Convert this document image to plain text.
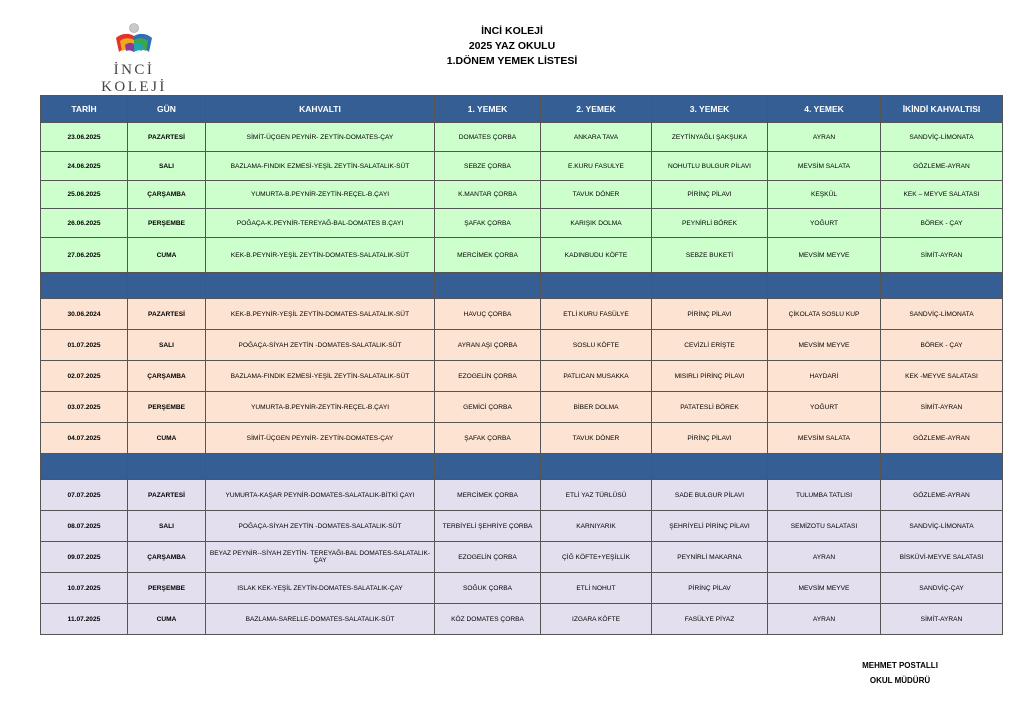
İNCİ KOLEJİ
İNCİ KOLEJİ
2025 YAZ OKULU
1.DÖNEM YEMEK LİSTESİ
TARİH	GÜN	KAHVALTI	1. YEMEK	2. YEMEK	3. YEMEK	4. YEMEK	İKİNDİ KAHVALTISI
23.06.2025	PAZARTESİ	SİMİT-ÜÇGEN PEYNİR- ZEYTİN-DOMATES-ÇAY	DOMATES ÇORBA	ANKARA TAVA	ZEYTİNYAĞLI ŞAKŞUKA	AYRAN	SANDVİÇ-LİMONATA
24.06.2025	SALI	BAZLAMA-FINDIK EZMESİ-YEŞİL ZEYTİN-SALATALIK-SÜT	SEBZE ÇORBA	E.KURU FASULYE	NOHUTLU BULGUR PİLAVI	MEVSİM SALATA	GÖZLEME-AYRAN
25.06.2025	ÇARŞAMBA	YUMURTA-B.PEYNİR-ZEYTİN-REÇEL-B.ÇAYI	K.MANTAR ÇORBA	TAVUK DÖNER	PİRİNÇ PİLAVI	KEŞKÜL	KEK – MEYVE SALATASI
26.06.2025	PERŞEMBE	POĞAÇA-K.PEYNİR-TEREYAĞ-BAL-DOMATES B.ÇAYI	ŞAFAK ÇORBA	KARIŞIK DOLMA	PEYNİRLİ BÖREK	YOĞURT	BÖREK - ÇAY
27.06.2025	CUMA	KEK-B.PEYNİR-YEŞİL ZEYTİN-DOMATES-SALATALIK-SÜT	MERCİMEK ÇORBA	KADINBUDU KÖFTE	SEBZE BUKETİ	MEVSİM MEYVE	SİMİT-AYRAN

30.06.2024	PAZARTESİ	KEK-B.PEYNİR-YEŞİL ZEYTİN-DOMATES-SALATALIK-SÜT	HAVUÇ ÇORBA	ETLİ KURU FASÜLYE	PİRİNÇ PİLAVI	ÇİKOLATA SOSLU KUP	SANDVİÇ-LİMONATA
01.07.2025	SALI	POĞAÇA-SİYAH ZEYTİN -DOMATES-SALATALIK-SÜT	AYRAN AŞI ÇORBA	SOSLU KÖFTE	CEVİZLİ ERİŞTE	MEVSİM MEYVE	BÖREK - ÇAY
02.07.2025	ÇARŞAMBA	BAZLAMA-FINDIK EZMESİ-YEŞİL ZEYTİN-SALATALIK-SÜT	EZOGELİN ÇORBA	PATLICAN MUSAKKA	MISIRLI PİRİNÇ PİLAVI	HAYDARİ	KEK -MEYVE SALATASI
03.07.2025	PERŞEMBE	YUMURTA-B.PEYNİR-ZEYTİN-REÇEL-B.ÇAYI	GEMİCİ ÇORBA	BİBER DOLMA	PATATESLİ BÖREK	YOĞURT	SİMİT-AYRAN
04.07.2025	CUMA	SİMİT-ÜÇGEN PEYNİR- ZEYTİN-DOMATES-ÇAY	ŞAFAK ÇORBA	TAVUK DÖNER	PİRİNÇ PİLAVI	MEVSİM SALATA	GÖZLEME-AYRAN

07.07.2025	PAZARTESİ	YUMURTA-KAŞAR PEYNİR-DOMATES-SALATALIK-BİTKİ ÇAYI	MERCİMEK ÇORBA	ETLİ YAZ TÜRLÜSÜ	SADE BULGUR PİLAVI	TULUMBA TATLISI	GÖZLEME-AYRAN
08.07.2025	SALI	POĞAÇA-SİYAH ZEYTİN -DOMATES-SALATALIK-SÜT	TERBİYELİ ŞEHRİYE ÇORBA	KARNIYARIK	ŞEHRİYELİ PİRİNÇ PİLAVI	SEMİZOTU SALATASI	SANDVİÇ-LİMONATA
09.07.2025	ÇARŞAMBA	BEYAZ PEYNİR--SİYAH ZEYTİN- TEREYAĞI-BAL DOMATES-SALATALIK-ÇAY	EZOGELİN ÇORBA	ÇİĞ KÖFTE+YEŞİLLİK	PEYNİRLİ MAKARNA	AYRAN	BİSKÜVİ-MEYVE SALATASI
10.07.2025	PERŞEMBE	ISLAK KEK-YEŞİL ZEYTİN-DOMATES-SALATALIK-ÇAY	SOĞUK ÇORBA	ETLİ NOHUT	PİRİNÇ PİLAV	MEVSİM MEYVE	SANDVİÇ-ÇAY
11.07.2025	CUMA	BAZLAMA-SARELLE-DOMATES-SALATALIK-SÜT	KÖZ DOMATES ÇORBA	IZGARA KÖFTE	FASÜLYE PİYAZ	AYRAN	SİMİT-AYRAN
MEHMET POSTALLI
OKUL MÜDÜRÜ
